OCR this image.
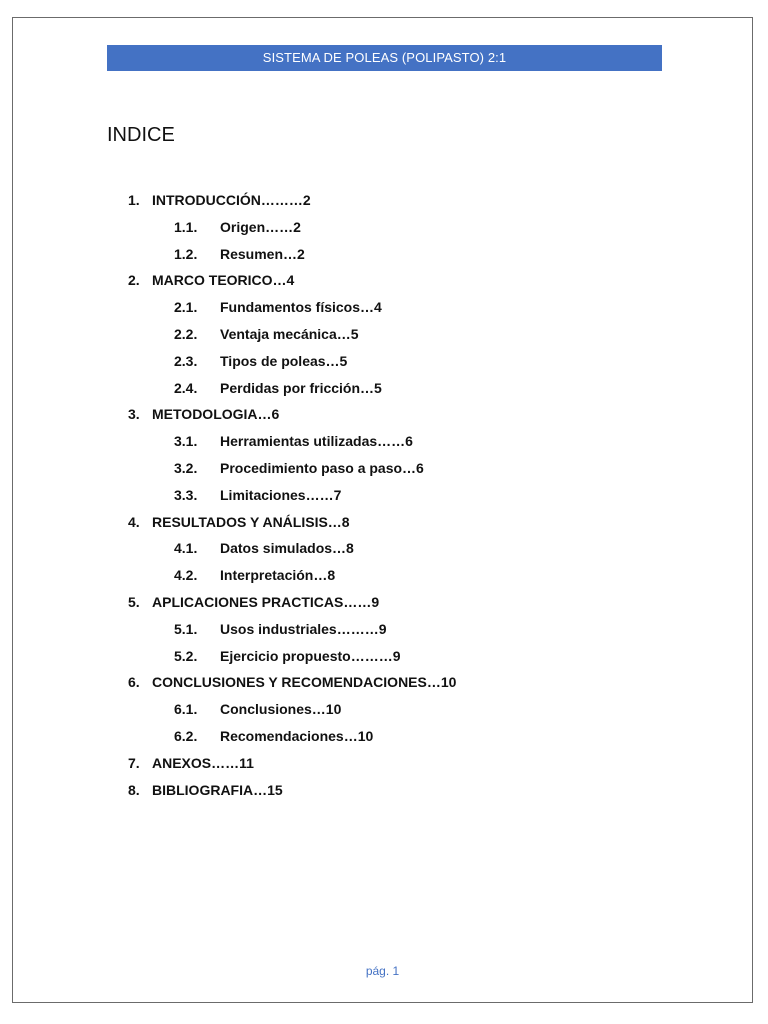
SISTEMA DE POLEAS (POLIPASTO) 2:1
INDICE
1. INTRODUCCIÓN………2
1.1.	Origen……2
1.2.	Resumen…2
2. MARCO TEORICO…4
2.1.	Fundamentos físicos…4
2.2.	Ventaja mecánica…5
2.3.	Tipos de poleas…5
2.4.	Perdidas por fricción…5
3. METODOLOGIA…6
3.1.	Herramientas utilizadas……6
3.2.	Procedimiento paso a paso…6
3.3.	Limitaciones……7
4. RESULTADOS Y ANÁLISIS…8
4.1.	Datos simulados…8
4.2.	Interpretación…8
5. APLICACIONES PRACTICAS……9
5.1.	Usos industriales………9
5.2.	Ejercicio propuesto………9
6. CONCLUSIONES Y RECOMENDACIONES…10
6.1.	Conclusiones…10
6.2.	Recomendaciones…10
7. ANEXOS……11
8. BIBLIOGRAFIA…15
pág. 1
